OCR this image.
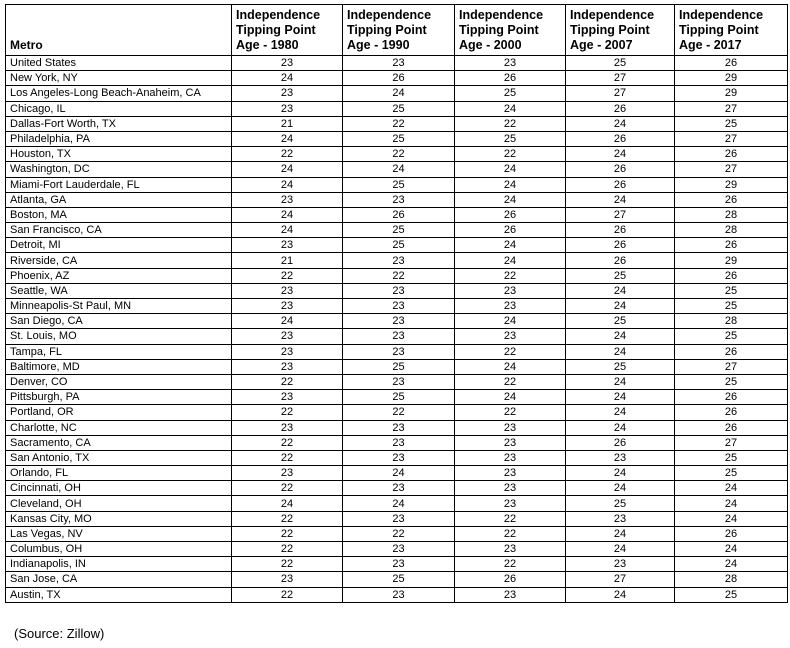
Metro	Independence Tipping Point Age - 1980	Independence Tipping Point Age - 1990	Independence Tipping Point Age - 2000	Independence Tipping Point Age - 2007	Independence Tipping Point Age - 2017
United States	23	23	23	25	26
New York, NY	24	26	26	27	29
Los Angeles-Long Beach-Anaheim, CA	23	24	25	27	29
Chicago, IL	23	25	24	26	27
Dallas-Fort Worth, TX	21	22	22	24	25
Philadelphia, PA	24	25	25	26	27
Houston, TX	22	22	22	24	26
Washington, DC	24	24	24	26	27
Miami-Fort Lauderdale, FL	24	25	24	26	29
Atlanta, GA	23	23	24	24	26
Boston, MA	24	26	26	27	28
San Francisco, CA	24	25	26	26	28
Detroit, MI	23	25	24	26	26
Riverside, CA	21	23	24	26	29
Phoenix, AZ	22	22	22	25	26
Seattle, WA	23	23	23	24	25
Minneapolis-St Paul, MN	23	23	23	24	25
San Diego, CA	24	23	24	25	28
St. Louis, MO	23	23	23	24	25
Tampa, FL	23	23	22	24	26
Baltimore, MD	23	25	24	25	27
Denver, CO	22	23	22	24	25
Pittsburgh, PA	23	25	24	24	26
Portland, OR	22	22	22	24	26
Charlotte, NC	23	23	23	24	26
Sacramento, CA	22	23	23	26	27
San Antonio, TX	22	23	23	23	25
Orlando, FL	23	24	23	24	25
Cincinnati, OH	22	23	23	24	24
Cleveland, OH	24	24	23	25	24
Kansas City, MO	22	23	22	23	24
Las Vegas, NV	22	22	22	24	26
Columbus, OH	22	23	23	24	24
Indianapolis, IN	22	23	22	23	24
San Jose, CA	23	25	26	27	28
Austin, TX	22	23	23	24	25
(Source: Zillow)
